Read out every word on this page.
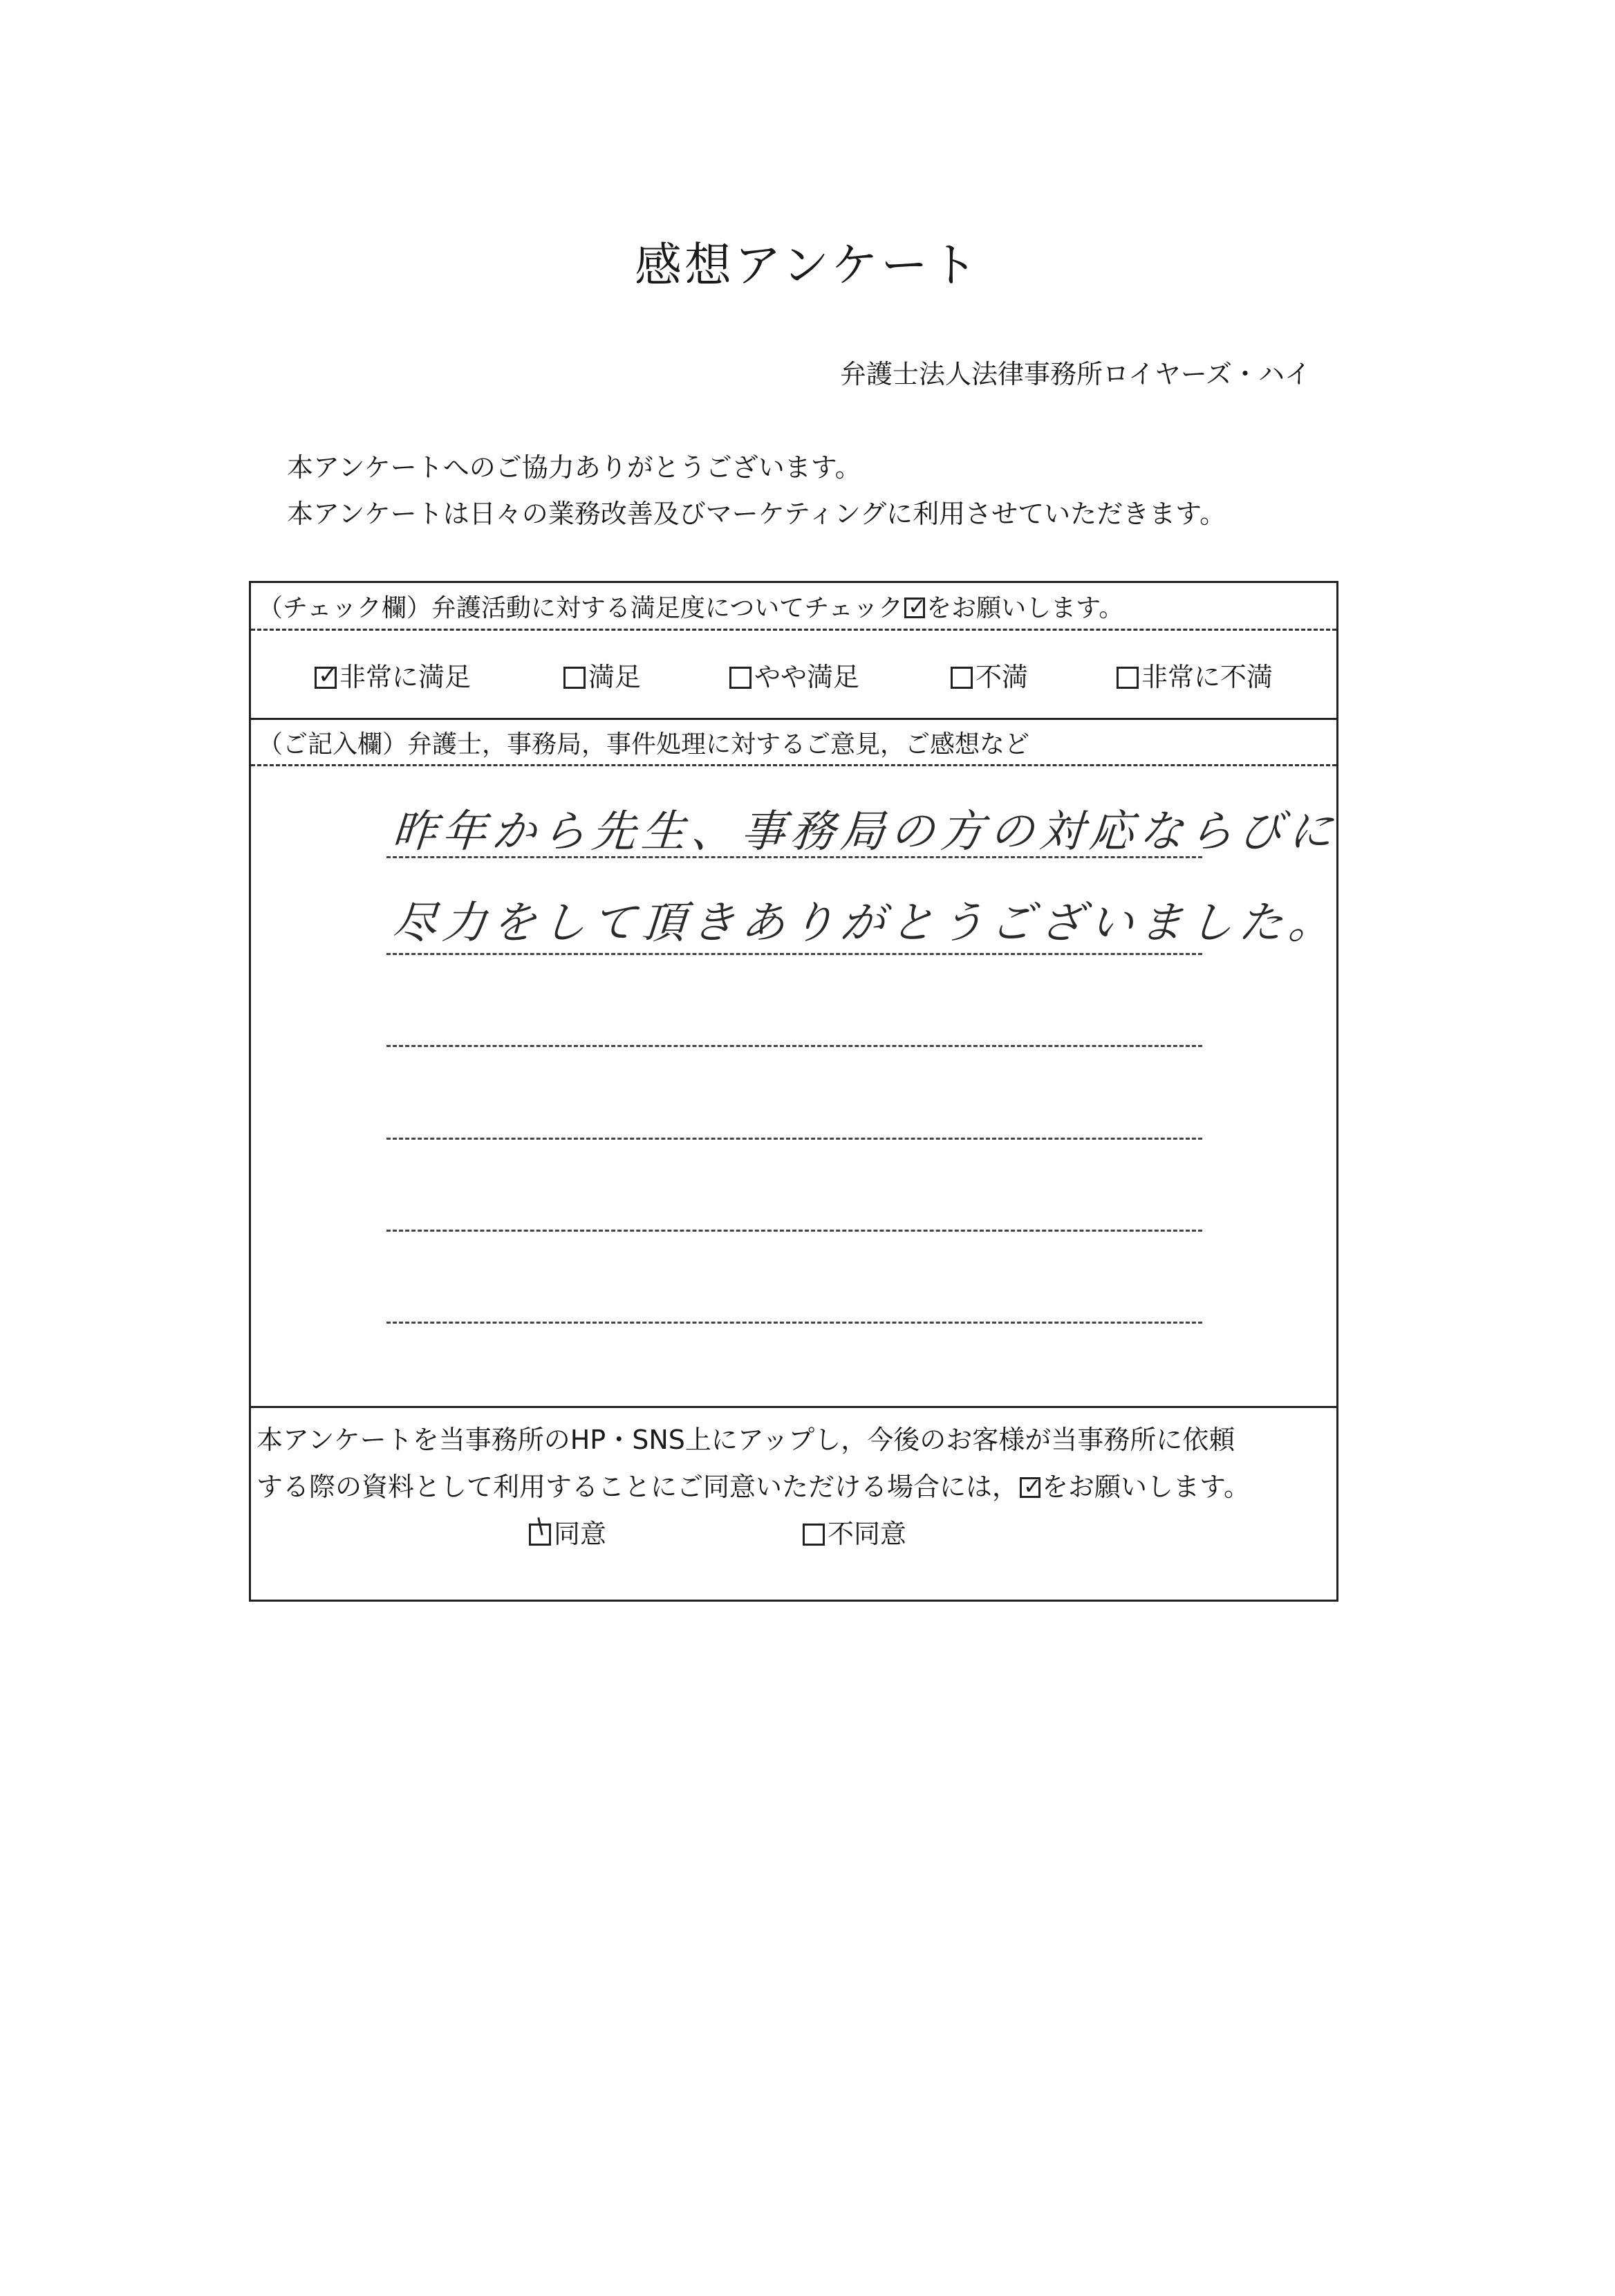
感想アンケート
弁護士法人法律事務所ロイヤーズ・ハイ
本アンケートへのご協力ありがとうございます。
本アンケートは日々の業務改善及びマーケティングに利用させていただきます。
（チェック欄）弁護活動に対する満足度についてチェック ✓ をお願いします。
✓非常に満足	満足	やや満足	不満	非常に不満
（ご記入欄）弁護士，事務局，事件処理に対するご意見，ご感想など
昨年から先生、事務局の方の対応ならびに
尽力をして頂きありがとうございました。
本アンケートを当事務所のHP・SNS上にアップし，今後のお客様が当事務所に依頼
する際の資料として利用することにご同意いただける場合には， ✓ をお願いします。
同意	不同意
